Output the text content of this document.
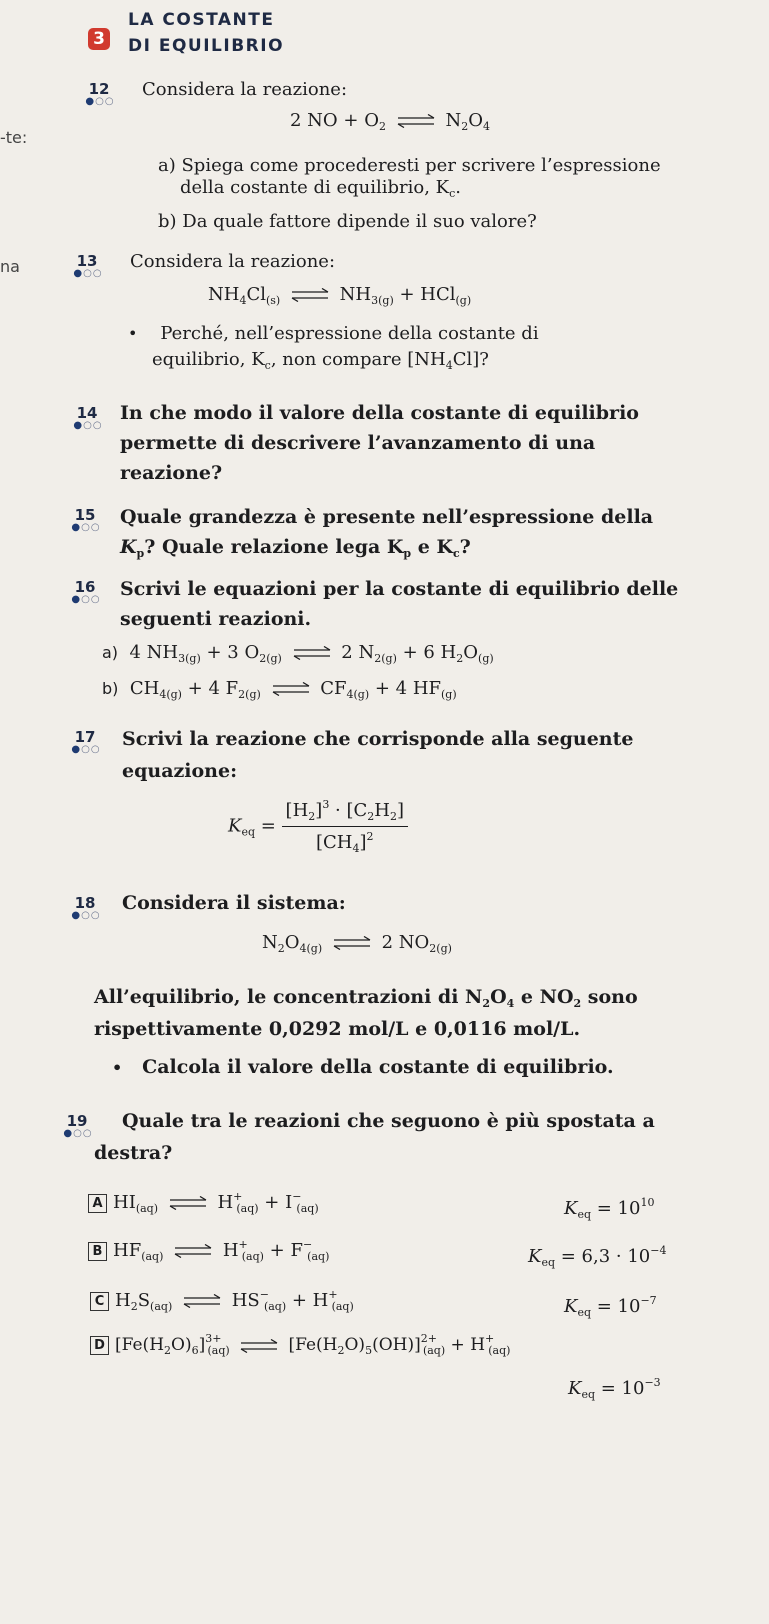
3
LA COSTANTE
DI EQUILIBRIO
-te:
na
12
●○○
Considera la reazione:
2 NO + $O_2$	$N_2O_4$
a) Spiega come procederesti per scrivere l’espressione
della costante di equilibrio, $K_c$.
b) Da quale fattore dipende il suo valore?
13
●○○
Considera la reazione:
$NH_4Cl_{(s)}$	$NH_{3(g)} + HCl_{(g)}$
• Perché, nell’espressione della costante di
equilibrio, $K_c$, non compare $[NH_4Cl]$?
14
●○○
In che modo il valore della costante di equilibrio
permette di descrivere l’avanzamento di una
reazione?
15
●○○ Quale grandezza è presente nell’espressione della
$K_p$? Quale relazione lega $K_p$ e $K_c$?
16
●○○ Scrivi le equazioni per la costante di equilibrio delle
seguenti reazioni.
a)  4 $NH_{3(g)} + 3$ $O_{2(g)}$	2 $N_{2(g)} + 6$ $H_2O_{(g)}$
b)  $CH_{4(g)} + 4$ $F_{2(g)}$	$CF_{4(g)} + 4$ $HF_{(g)}$
17
●○○ Scrivi la reazione che corrisponde alla seguente
equazione:
$K_{eq} = \frac{[H_2]^3 \cdot [C_2H_2]}{[CH_4]^2}$
18
●○○
Considera il sistema:
$N_2O_{4(g)}$	2 $NO_{2(g)}$
All’equilibrio, le concentrazioni di $N_2O_4$ e $NO_2$ sono
rispettivamente 0,0292 mol/L e 0,0116 mol/L.
• Calcola il valore della costante di equilibrio.
19
●○○
Quale tra le reazioni che seguono è più spostata a
destra?
A $HI_{(aq)}$	$H^+_{(aq)} + I^-_{(aq)}$	$K_{eq} = 10^{10}$
B $HF_{(aq)}$	$H^+_{(aq)} + F^-_{(aq)}$	$K_{eq} = 6,3 \cdot 10^{-4}$
C $H_2S_{(aq)}$	$HS^-_{(aq)} + H^+_{(aq)}$	$K_{eq} = 10^{-7}$
D $[Fe(H_2O)_6]^{3+}_{(aq)}$	$[Fe(H_2O)_5(OH)]^{2+}_{(aq)} + H^+_{(aq)}$
$K_{eq} = 10^{-3}$
